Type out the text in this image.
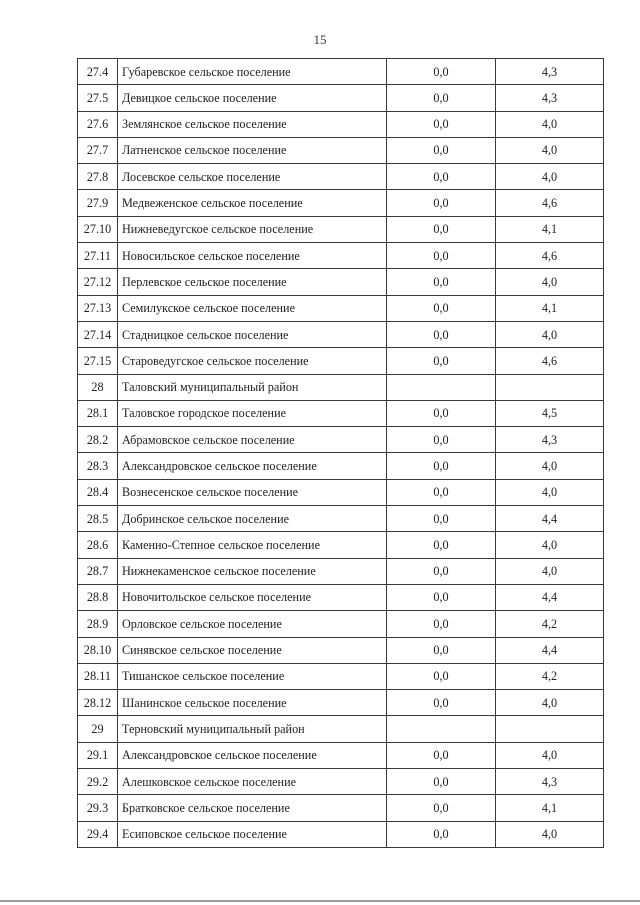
15
27.4	Губаревское сельское поселение	0,0	4,3
27.5	Девицкое сельское поселение	0,0	4,3
27.6	Землянское сельское поселение	0,0	4,0
27.7	Латненское сельское поселение	0,0	4,0
27.8	Лосевское сельское поселение	0,0	4,0
27.9	Медвеженское сельское поселение	0,0	4,6
27.10	Нижневедугское сельское поселение	0,0	4,1
27.11	Новосильское сельское поселение	0,0	4,6
27.12	Перлевское сельское поселение	0,0	4,0
27.13	Семилукское сельское поселение	0,0	4,1
27.14	Стадницкое сельское поселение	0,0	4,0
27.15	Староведугское сельское поселение	0,0	4,6
28	Таловский муниципальный район		
28.1	Таловское городское поселение	0,0	4,5
28.2	Абрамовское сельское поселение	0,0	4,3
28.3	Александровское сельское поселение	0,0	4,0
28.4	Вознесенское сельское поселение	0,0	4,0
28.5	Добринское сельское поселение	0,0	4,4
28.6	Каменно-Степное сельское поселение	0,0	4,0
28.7	Нижнекаменское сельское поселение	0,0	4,0
28.8	Новочитольское сельское поселение	0,0	4,4
28.9	Орловское сельское поселение	0,0	4,2
28.10	Синявское сельское поселение	0,0	4,4
28.11	Тишанское сельское поселение	0,0	4,2
28.12	Шанинское сельское поселение	0,0	4,0
29	Терновский муниципальный район		
29.1	Александровское сельское поселение	0,0	4,0
29.2	Алешковское сельское поселение	0,0	4,3
29.3	Братковское сельское поселение	0,0	4,1
29.4	Есиповское сельское поселение	0,0	4,0
